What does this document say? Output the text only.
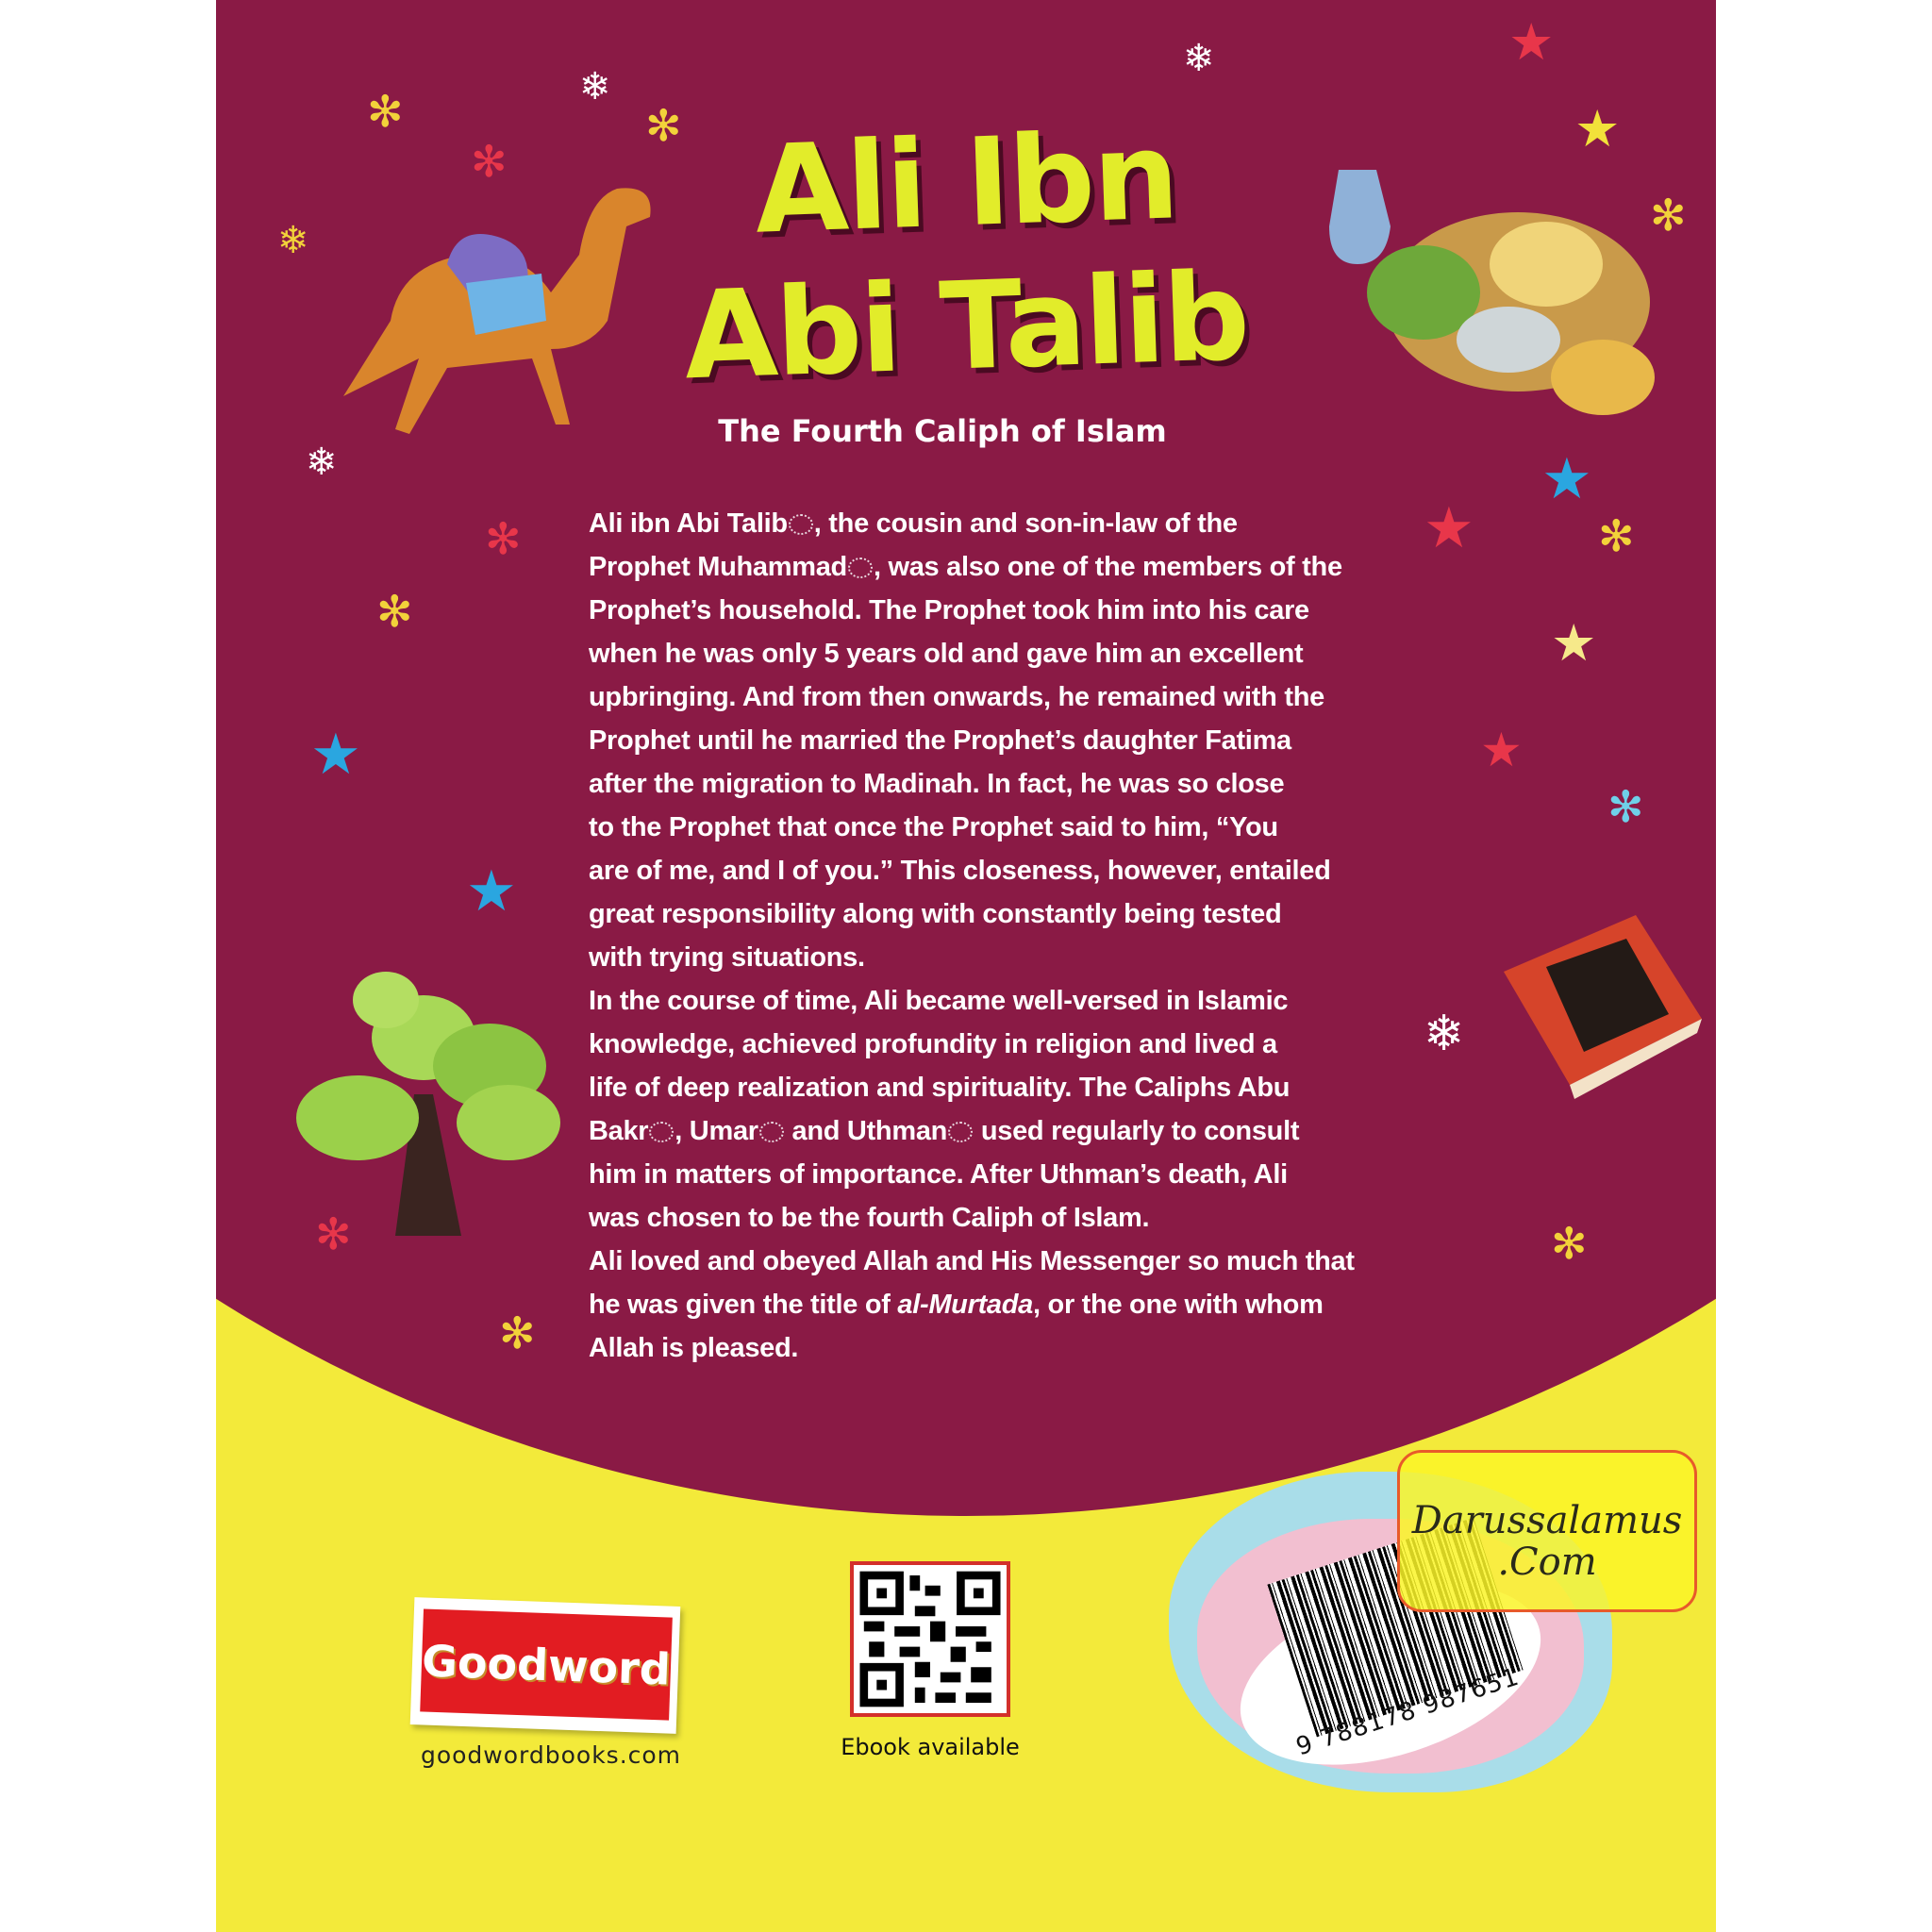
✻	❄
✻
✻
❄
❄
✻
✻
★
★
✻
✻
❄	★
★
✻
★
★	✻
★
★
✻
❄
✻
Ali Ibn
Abi Talib
The Fourth Caliph of Islam
Ali ibn Abi Talib , the cousin and son-in-law of the
Prophet Muhammad , was also one of the members of the
Prophet’s household. The Prophet took him into his care
when he was only 5 years old and gave him an excellent
upbringing. And from then onwards, he remained with the
Prophet until he married the Prophet’s daughter Fatima
after the migration to Madinah. In fact, he was so close
to the Prophet that once the Prophet said to him, “You
are of me, and I of you.” This closeness, however, entailed
great responsibility along with constantly being tested
with trying situations.
In the course of time, Ali became well-versed in Islamic
knowledge, achieved profundity in religion and lived a
life of deep realization and spirituality. The Caliphs Abu
Bakr , Umar and Uthman used regularly to consult
him in matters of importance. After Uthman’s death, Ali
was chosen to be the fourth Caliph of Islam.
Ali loved and obeyed Allah and His Messenger so much that
he was given the title of al-Murtada, or the one with whom
Allah is pleased.
Goodword
goodwordbooks.com	Ebook available	9 788178 987651
Darussalamus
.Com
